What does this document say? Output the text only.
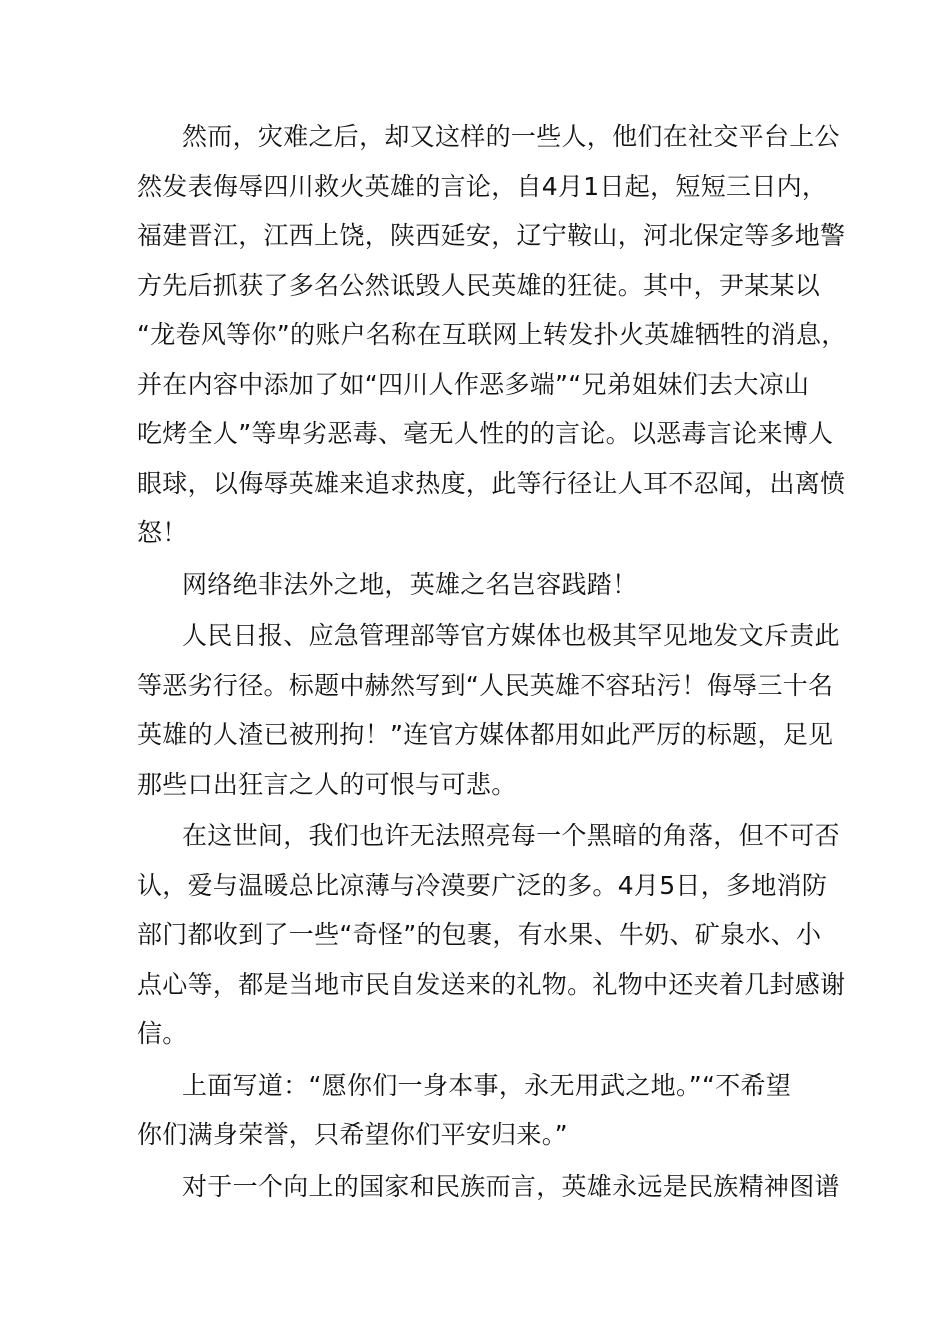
然而，灾难之后，却又这样的一些人，他们在社交平台上公
然发表侮辱四川救火英雄的言论，自4月1日起，短短三日内，
福建晋江，江西上饶，陕西延安，辽宁鞍山，河北保定等多地警
方先后抓获了多名公然诋毁人民英雄的狂徒。其中，尹某某以
“龙卷风等你”的账户名称在互联网上转发扑火英雄牺牲的消息，
并在内容中添加了如“四川人作恶多端”“兄弟姐妹们去大凉山
吃烤全人”等卑劣恶毒、毫无人性的的言论。以恶毒言论来博人
眼球，以侮辱英雄来追求热度，此等行径让人耳不忍闻，出离愤
怒！
网络绝非法外之地，英雄之名岂容践踏！
人民日报、应急管理部等官方媒体也极其罕见地发文斥责此
等恶劣行径。标题中赫然写到“人民英雄不容玷污！侮辱三十名
英雄的人渣已被刑拘！”连官方媒体都用如此严厉的标题，足见
那些口出狂言之人的可恨与可悲。
在这世间，我们也许无法照亮每一个黑暗的角落，但不可否
认，爱与温暖总比凉薄与冷漠要广泛的多。4月5日，多地消防
部门都收到了一些“奇怪”的包裹，有水果、牛奶、矿泉水、小
点心等，都是当地市民自发送来的礼物。礼物中还夹着几封感谢
信。
上面写道：“愿你们一身本事，永无用武之地。”“不希望
你们满身荣誉，只希望你们平安归来。”
对于一个向上的国家和民族而言，英雄永远是民族精神图谱
